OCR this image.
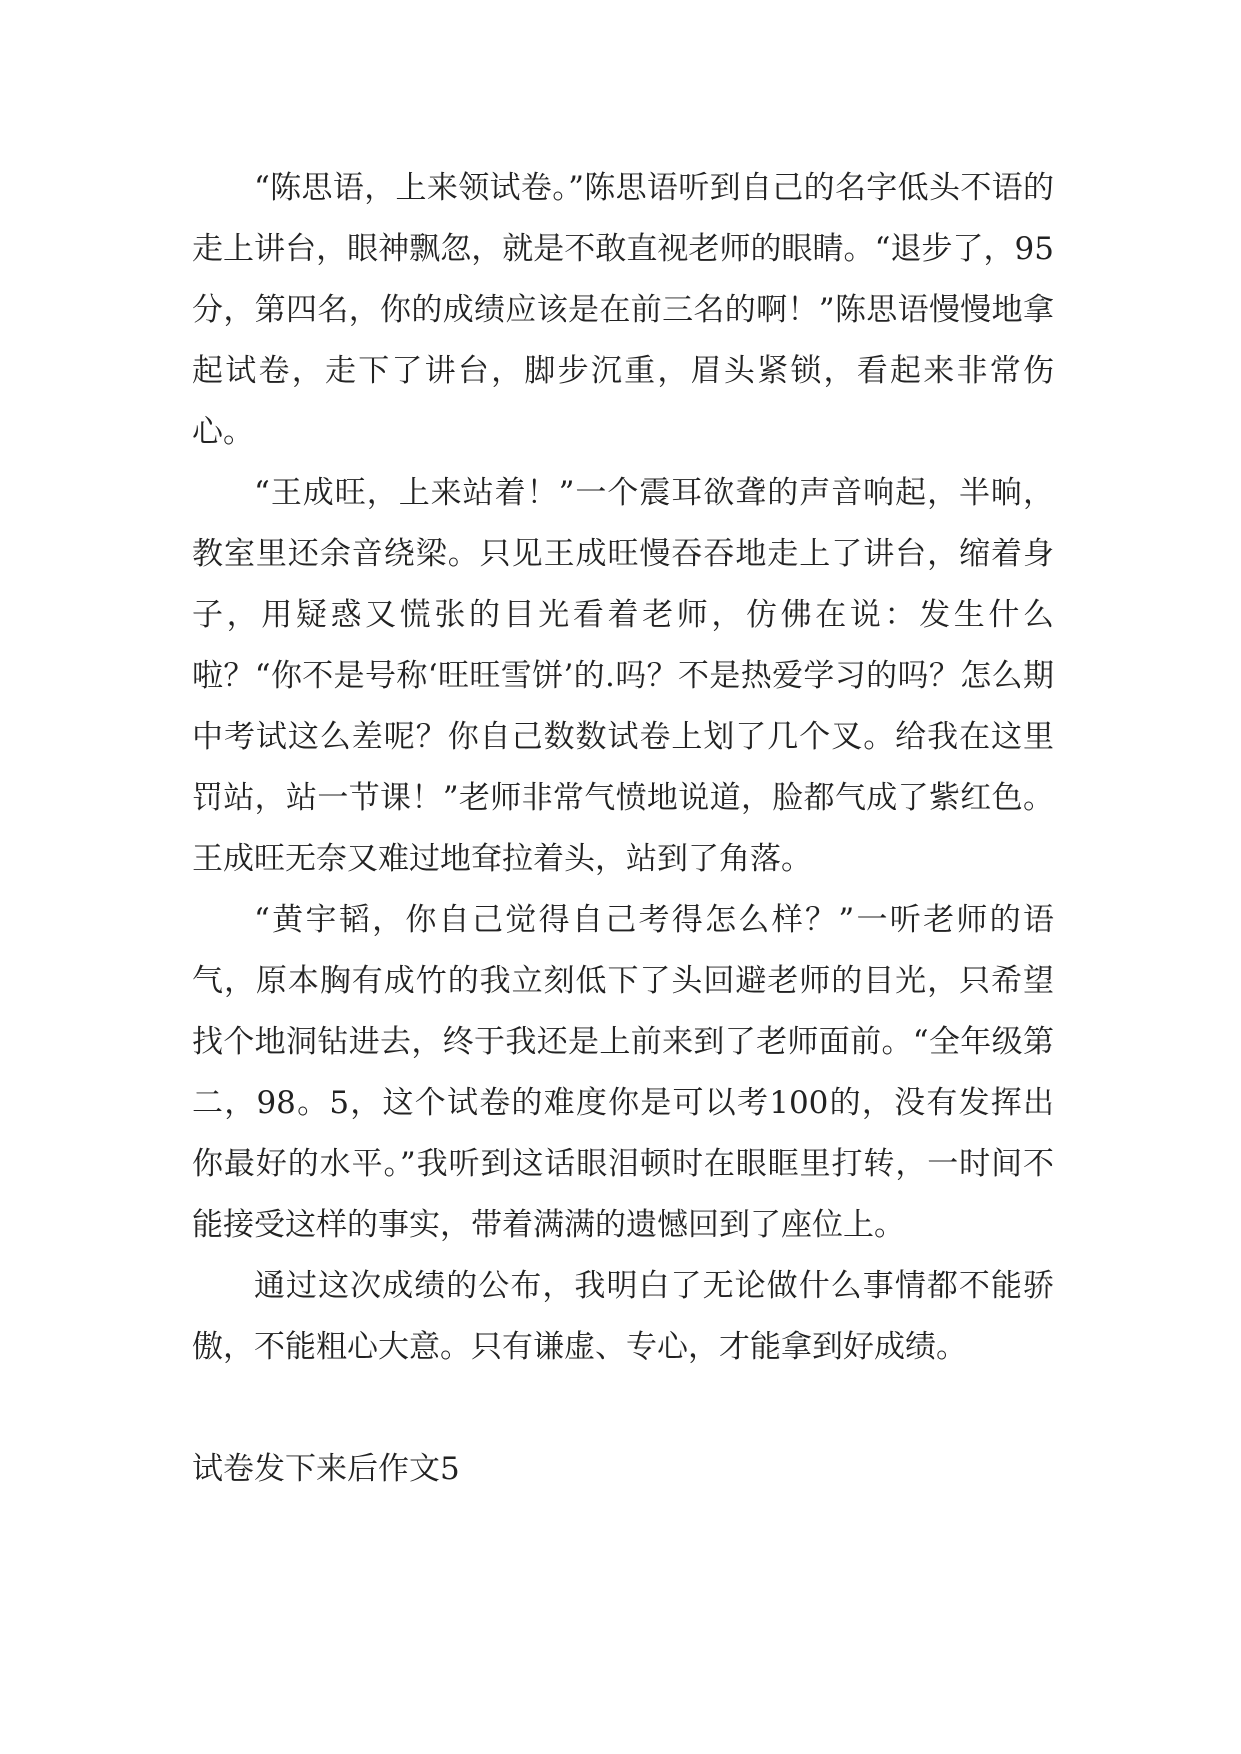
“陈思语，上来领试卷。”陈思语听到自己的名字低头不语的走上讲台，眼神飘忽，就是不敢直视老师的眼睛。“退步了，95分，第四名，你的成绩应该是在前三名的啊！”陈思语慢慢地拿起试卷，走下了讲台，脚步沉重，眉头紧锁，看起来非常伤心。

“王成旺，上来站着！”一个震耳欲聋的声音响起，半晌，教室里还余音绕梁。只见王成旺慢吞吞地走上了讲台，缩着身子，用疑惑又慌张的目光看着老师，仿佛在说：发生什么啦？“你不是号称‘旺旺雪饼’的.吗？不是热爱学习的吗？怎么期中考试这么差呢？你自己数数试卷上划了几个叉。给我在这里罚站，站一节课！”老师非常气愤地说道，脸都气成了紫红色。王成旺无奈又难过地耷拉着头，站到了角落。

“黄宇韬，你自己觉得自己考得怎么样？”一听老师的语气，原本胸有成竹的我立刻低下了头回避老师的目光，只希望找个地洞钻进去，终于我还是上前来到了老师面前。“全年级第二，98。5，这个试卷的难度你是可以考100的，没有发挥出你最好的水平。”我听到这话眼泪顿时在眼眶里打转，一时间不能接受这样的事实，带着满满的遗憾回到了座位上。

通过这次成绩的公布，我明白了无论做什么事情都不能骄傲，不能粗心大意。只有谦虚、专心，才能拿到好成绩。

试卷发下来后作文5
